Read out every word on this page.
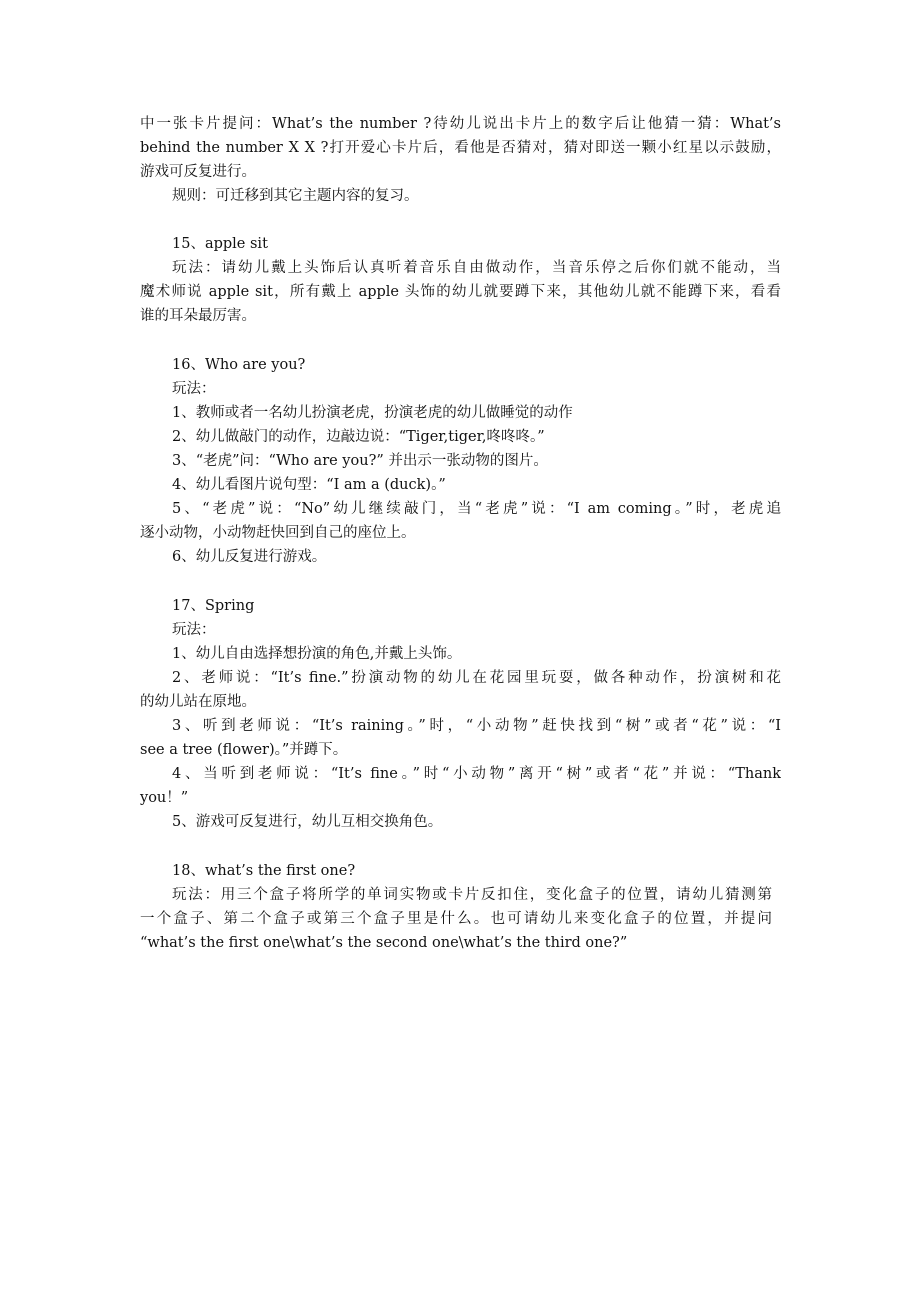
中一张卡片提问：What’s the number ?待幼儿说出卡片上的数字后让他猜一猜：What’s
behind the number X X ?打开爱心卡片后，看他是否猜对，猜对即送一颗小红星以示鼓励，
游戏可反复进行。
规则：可迁移到其它主题内容的复习。
15、apple sit
玩法：请幼儿戴上头饰后认真听着音乐自由做动作，当音乐停之后你们就不能动，当
魔术师说 apple sit，所有戴上 apple 头饰的幼儿就要蹲下来，其他幼儿就不能蹲下来，看看
谁的耳朵最厉害。
16、Who are you?
玩法：
1、教师或者一名幼儿扮演老虎，扮演老虎的幼儿做睡觉的动作
2、幼儿做敲门的动作，边敲边说：“Tiger,tiger,咚咚咚。”
3、“老虎”问：“Who are you?” 并出示一张动物的图片。
4、幼儿看图片说句型：“I am a (duck)。”
5、“老虎”说：“No”幼儿继续敲门，当“老虎”说：“I am coming。”时，老虎追
逐小动物，小动物赶快回到自己的座位上。
6、幼儿反复进行游戏。
17、Spring
玩法：
1、幼儿自由选择想扮演的角色,并戴上头饰。
2、老师说：“It’s fine.”扮演动物的幼儿在花园里玩耍，做各种动作，扮演树和花
的幼儿站在原地。
3、听到老师说：“It’s raining。”时，“小动物”赶快找到“树”或者“花”说：“I
see a tree (flower)。”并蹲下。
4、当听到老师说：“It’s fine。”时“小动物”离开“树”或者“花”并说：“Thank
you！”
5、游戏可反复进行，幼儿互相交换角色。
18、what’s the first one?
玩法：用三个盒子将所学的单词实物或卡片反扣住，变化盒子的位置，请幼儿猜测第
一个盒子、第二个盒子或第三个盒子里是什么。也可请幼儿来变化盒子的位置，并提问
“what’s the first one\what’s the second one\what’s the third one?”
